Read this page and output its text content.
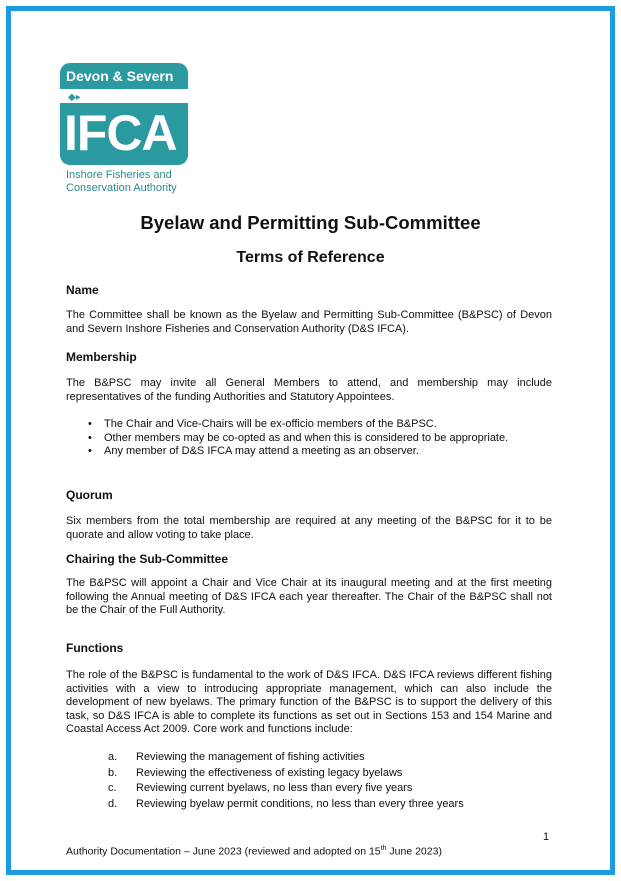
Devon & Severn
◆▸
IFCA
Inshore Fisheries and
Conservation Authority
Byelaw and Permitting Sub-Committee
Terms of Reference
Name
The Committee shall be known as the Byelaw and Permitting Sub-Committee (B&PSC) of Devon and Severn Inshore Fisheries and Conservation Authority (D&S IFCA).
Membership
The B&PSC may invite all General Members to attend, and membership may include representatives of the funding Authorities and Statutory Appointees.
• The Chair and Vice-Chairs will be ex-officio members of the B&PSC.
• Other members may be co-opted as and when this is considered to be appropriate.
• Any member of D&S IFCA may attend a meeting as an observer.
Quorum
Six members from the total membership are required at any meeting of the B&PSC for it to be quorate and allow voting to take place.
Chairing the Sub-Committee
The B&PSC will appoint a Chair and Vice Chair at its inaugural meeting and at the first meeting following the Annual meeting of D&S IFCA each year thereafter. The Chair of the B&PSC shall not be the Chair of the Full Authority.
Functions
The role of the B&PSC is fundamental to the work of D&S IFCA. D&S IFCA reviews different fishing activities with a view to introducing appropriate management, which can also include the development of new byelaws. The primary function of the B&PSC is to support the delivery of this task, so D&S IFCA is able to complete its functions as set out in Sections 153 and 154 Marine and Coastal Access Act 2009. Core work and functions include:
a. Reviewing the management of fishing activities
b. Reviewing the effectiveness of existing legacy byelaws
c. Reviewing current byelaws, no less than every five years
d. Reviewing byelaw permit conditions, no less than every three years
1
Authority Documentation – June 2023 (reviewed and adopted on 15th June 2023)
